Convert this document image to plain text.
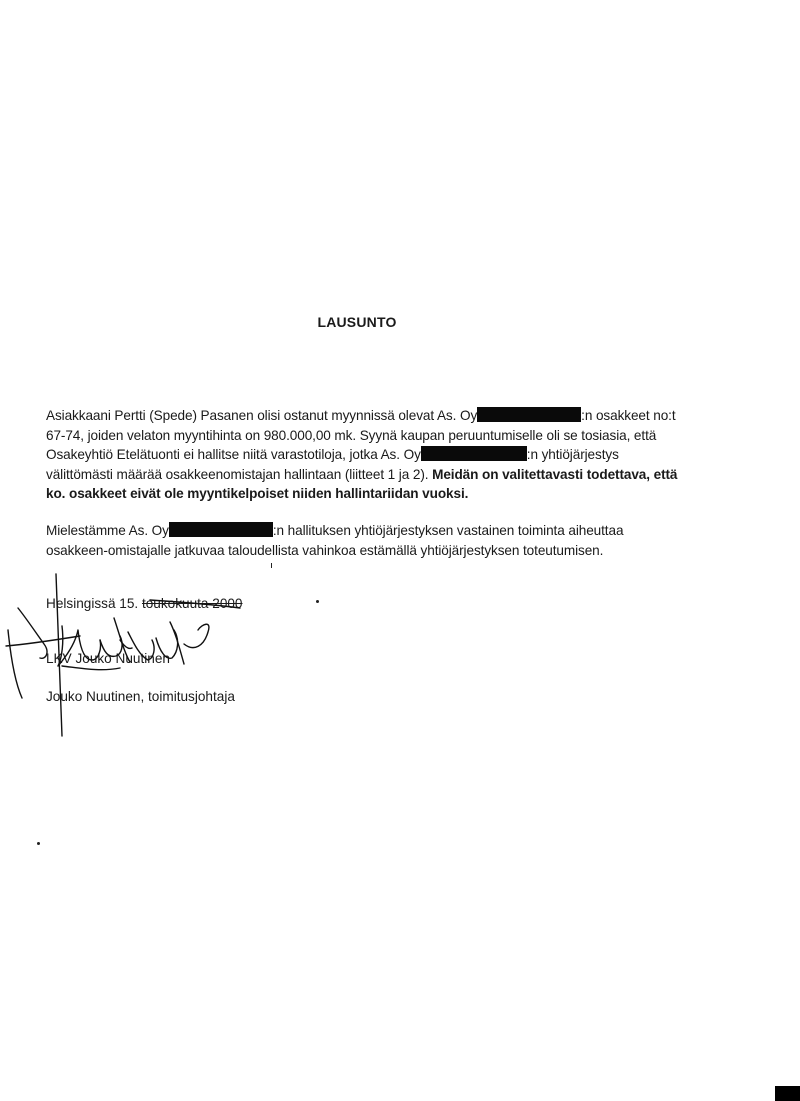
LAUSUNTO
Asiakkaani Pertti (Spede) Pasanen olisi ostanut myynnissä olevat As. Oy	:n osakkeet no:t 67-74, joiden velaton myyntihinta on 980.000,00 mk. Syynä kaupan peruuntumiselle oli se tosiasia, että Osakeyhtiö Etelätuonti ei hallitse niitä varastotiloja, jotka As. Oy	:n yhtiöjärjestys välittömästi määrää osakkeenomistajan hallintaan (liitteet 1 ja 2). Meidän on valitettavasti todettava, että ko. osakkeet eivät ole myyntikelpoiset niiden hallintariidan vuoksi.
Mielestämme As. Oy	:n hallituksen yhtiöjärjestyksen vastainen toiminta aiheuttaa osakkeen-omistajalle jatkuvaa taloudellista vahinkoa estämällä yhtiöjärjestyksen toteutumisen.
Helsingissä 15. toukokuuta 2000
LKV Jouko Nuutinen
Jouko Nuutinen, toimitusjohtaja
